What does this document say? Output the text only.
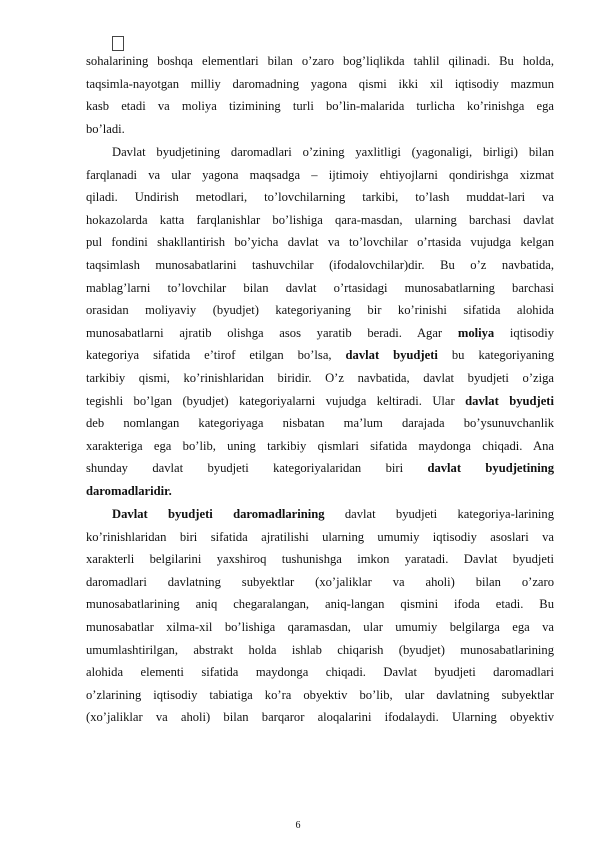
sohalarining boshqa elementlari bilan o’zaro bog’liqlikda tahlil qilinadi. Bu holda,
taqsimla-nayotgan milliy daromadning yagona qismi ikki xil iqtisodiy mazmun
kasb etadi va moliya tizimining turli bo’lin-malarida turlicha ko’rinishga ega
bo’ladi.
Davlat byudjetining daromadlari o’zining yaxlitligi (yagonaligi, birligi) bilan
farqlanadi va ular yagona maqsadga – ijtimoiy ehtiyojlarni qondirishga xizmat
qiladi. Undirish metodlari, to’lovchilarning tarkibi, to’lash muddat-lari va
hokazolarda katta farqlanishlar bo’lishiga qara-masdan, ularning barchasi davlat
pul fondini shakllantirish bo’yicha davlat va to’lovchilar o’rtasida vujudga kelgan
taqsimlash munosabatlarini tashuvchilar (ifodalovchilar)dir. Bu o’z navbatida,
mablag’larni to’lovchilar bilan davlat o’rtasidagi munosabatlarning barchasi
orasidan moliyaviy (byudjet) kategoriyaning bir ko’rinishi sifatida alohida
munosabatlarni ajratib olishga asos yaratib beradi. Agar moliya iqtisodiy
kategoriya sifatida e’tirof etilgan bo’lsa, davlat byudjeti bu kategoriyaning
tarkibiy qismi, ko’rinishlaridan biridir. O’z navbatida, davlat byudjeti o’ziga
tegishli bo’lgan (byudjet) kategoriyalarni vujudga keltiradi. Ular davlat byudjeti
deb nomlangan kategoriyaga nisbatan ma’lum darajada bo’ysunuvchanlik
xarakteriga ega bo’lib, uning tarkibiy qismlari sifatida maydonga chiqadi. Ana
shunday davlat byudjeti kategoriyalaridan biri davlat byudjetining
daromadlaridir.
Davlat byudjeti daromadlarining davlat byudjeti kategoriya-larining
ko’rinishlaridan biri sifatida ajratilishi ularning umumiy iqtisodiy asoslari va
xarakterli belgilarini yaxshiroq tushunishga imkon yaratadi. Davlat byudjeti
daromadlari davlatning subyektlar (xo’jaliklar va aholi) bilan o’zaro
munosabatlarining aniq chegaralangan, aniq-langan qismini ifoda etadi. Bu
munosabatlar xilma-xil bo’lishiga qaramasdan, ular umumiy belgilarga ega va
umumlashtirilgan, abstrakt holda ishlab chiqarish (byudjet) munosabatlarining
alohida elementi sifatida maydonga chiqadi. Davlat byudjeti daromadlari
o’zlarining iqtisodiy tabiatiga ko’ra obyektiv bo’lib, ular davlatning subyektlar
(xo’jaliklar va aholi) bilan barqaror aloqalarini ifodalaydi. Ularning obyektiv
6
